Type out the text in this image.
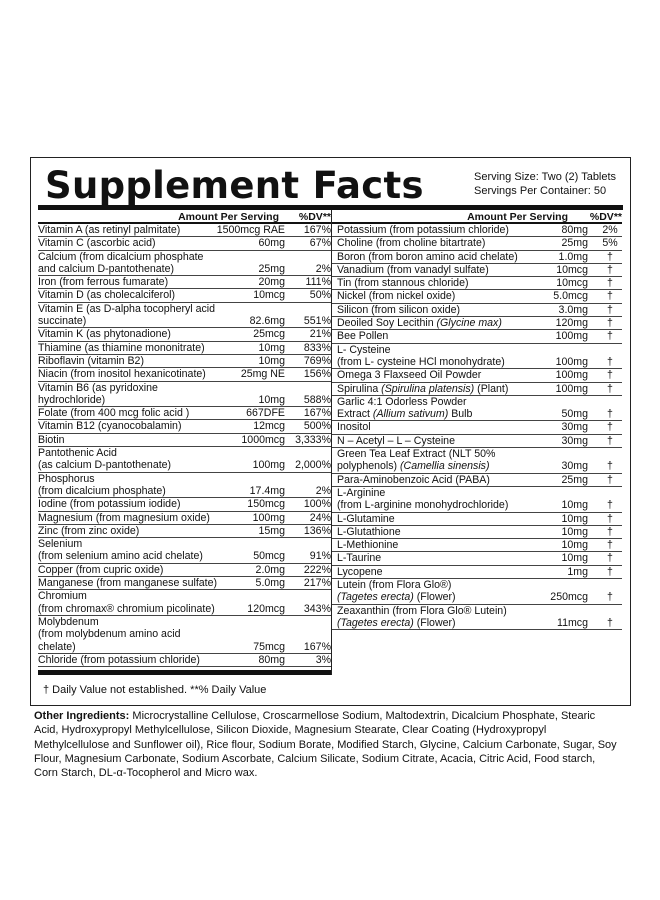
Supplement Facts	Serving Size: Two (2) Tablets
Servings Per Container: 50
Amount Per Serving	%DV**
Vitamin A (as retinyl palmitate)	1500mcg RAE	167%
Vitamin C (ascorbic acid)	60mg	67%
Calcium (from dicalcium phosphate
and calcium D-pantothenate)	25mg	2%
Iron (from ferrous fumarate)	20mg	111%
Vitamin D (as cholecalciferol)	10mcg	50%
Vitamin E (as D-alpha tocopheryl acid
succinate)	82.6mg	551%
Vitamin K (as phytonadione)	25mcg	21%
Thiamine (as thiamine mononitrate)	10mg	833%
Riboflavin (vitamin B2)	10mg	769%
Niacin (from inositol hexanicotinate)	25mg NE	156%
Vitamin B6 (as pyridoxine hydrochloride)	10mg	588%
Folate (from 400 mcg folic acid )	667DFE	167%
Vitamin B12 (cyanocobalamin)	12mcg	500%
Biotin	1000mcg 3,333%
Pantothenic Acid
(as calcium D-pantothenate)	100mg 2,000%
Phosphorus
(from dicalcium phosphate)	17.4mg	2%
Iodine (from potassium iodide)	150mcg	100%
Magnesium (from magnesium oxide)	100mg	24%
Zinc (from zinc oxide)	15mg	136%
Selenium
(from selenium amino acid chelate)	50mcg	91%
Copper (from cupric oxide)	2.0mg	222%
Manganese (from manganese sulfate)	5.0mg	217%
Chromium
(from chromax® chromium picolinate)	120mcg	343%
Molybdenum
(from molybdenum amino acid chelate)	75mcg	167%
Chloride (from potassium chloride)	80mg	3%
Amount Per Serving	%DV**
Potassium (from potassium chloride)	80mg	2%
Choline (from choline bitartrate)	25mg	5%
Boron (from boron amino acid chelate)	1.0mg	†
Vanadium (from vanadyl sulfate)	10mcg	†
Tin (from stannous chloride)	10mcg	†
Nickel (from nickel oxide)	5.0mcg	†
Silicon (from silicon oxide)	3.0mg	†
Deoiled Soy Lecithin (Glycine max)	120mg	†
Bee Pollen	100mg	†
L- Cysteine
(from L- cysteine HCl monohydrate)	100mg	†
Omega 3 Flaxseed Oil Powder	100mg	†
Spirulina (Spirulina platensis) (Plant)	100mg	†
Garlic 4:1 Odorless Powder
Extract (Allium sativum) Bulb	50mg	†
Inositol	30mg	†
N – Acetyl – L – Cysteine	30mg	†
Green Tea Leaf Extract (NLT 50%
polyphenols) (Camellia sinensis)	30mg	†
Para-Aminobenzoic Acid (PABA)	25mg	†
L-Arginine
(from L-arginine monohydrochloride)	10mg	†
L-Glutamine	10mg	†
L-Glutathione	10mg	†
L-Methionine	10mg	†
L-Taurine	10mg	†
Lycopene	1mg	†
Lutein (from Flora Glo®)
(Tagetes erecta) (Flower)	250mcg	†
Zeaxanthin (from Flora Glo® Lutein)
(Tagetes erecta) (Flower)	11mcg	†
† Daily Value not established. **% Daily Value
Other Ingredients: Microcrystalline Cellulose, Croscarmellose Sodium, Maltodextrin, Dicalcium Phosphate, Stearic Acid, Hydroxypropyl Methylcellulose, Silicon Dioxide, Magnesium Stearate, Clear Coating (Hydroxypropyl Methylcellulose and Sunflower oil), Rice flour, Sodium Borate, Modified Starch, Glycine, Calcium Carbonate, Sugar, Soy Flour, Magnesium Carbonate, Sodium Ascorbate, Calcium Silicate, Sodium Citrate, Acacia, Citric Acid, Food starch, Corn Starch, DL-α-Tocopherol and Micro wax.
